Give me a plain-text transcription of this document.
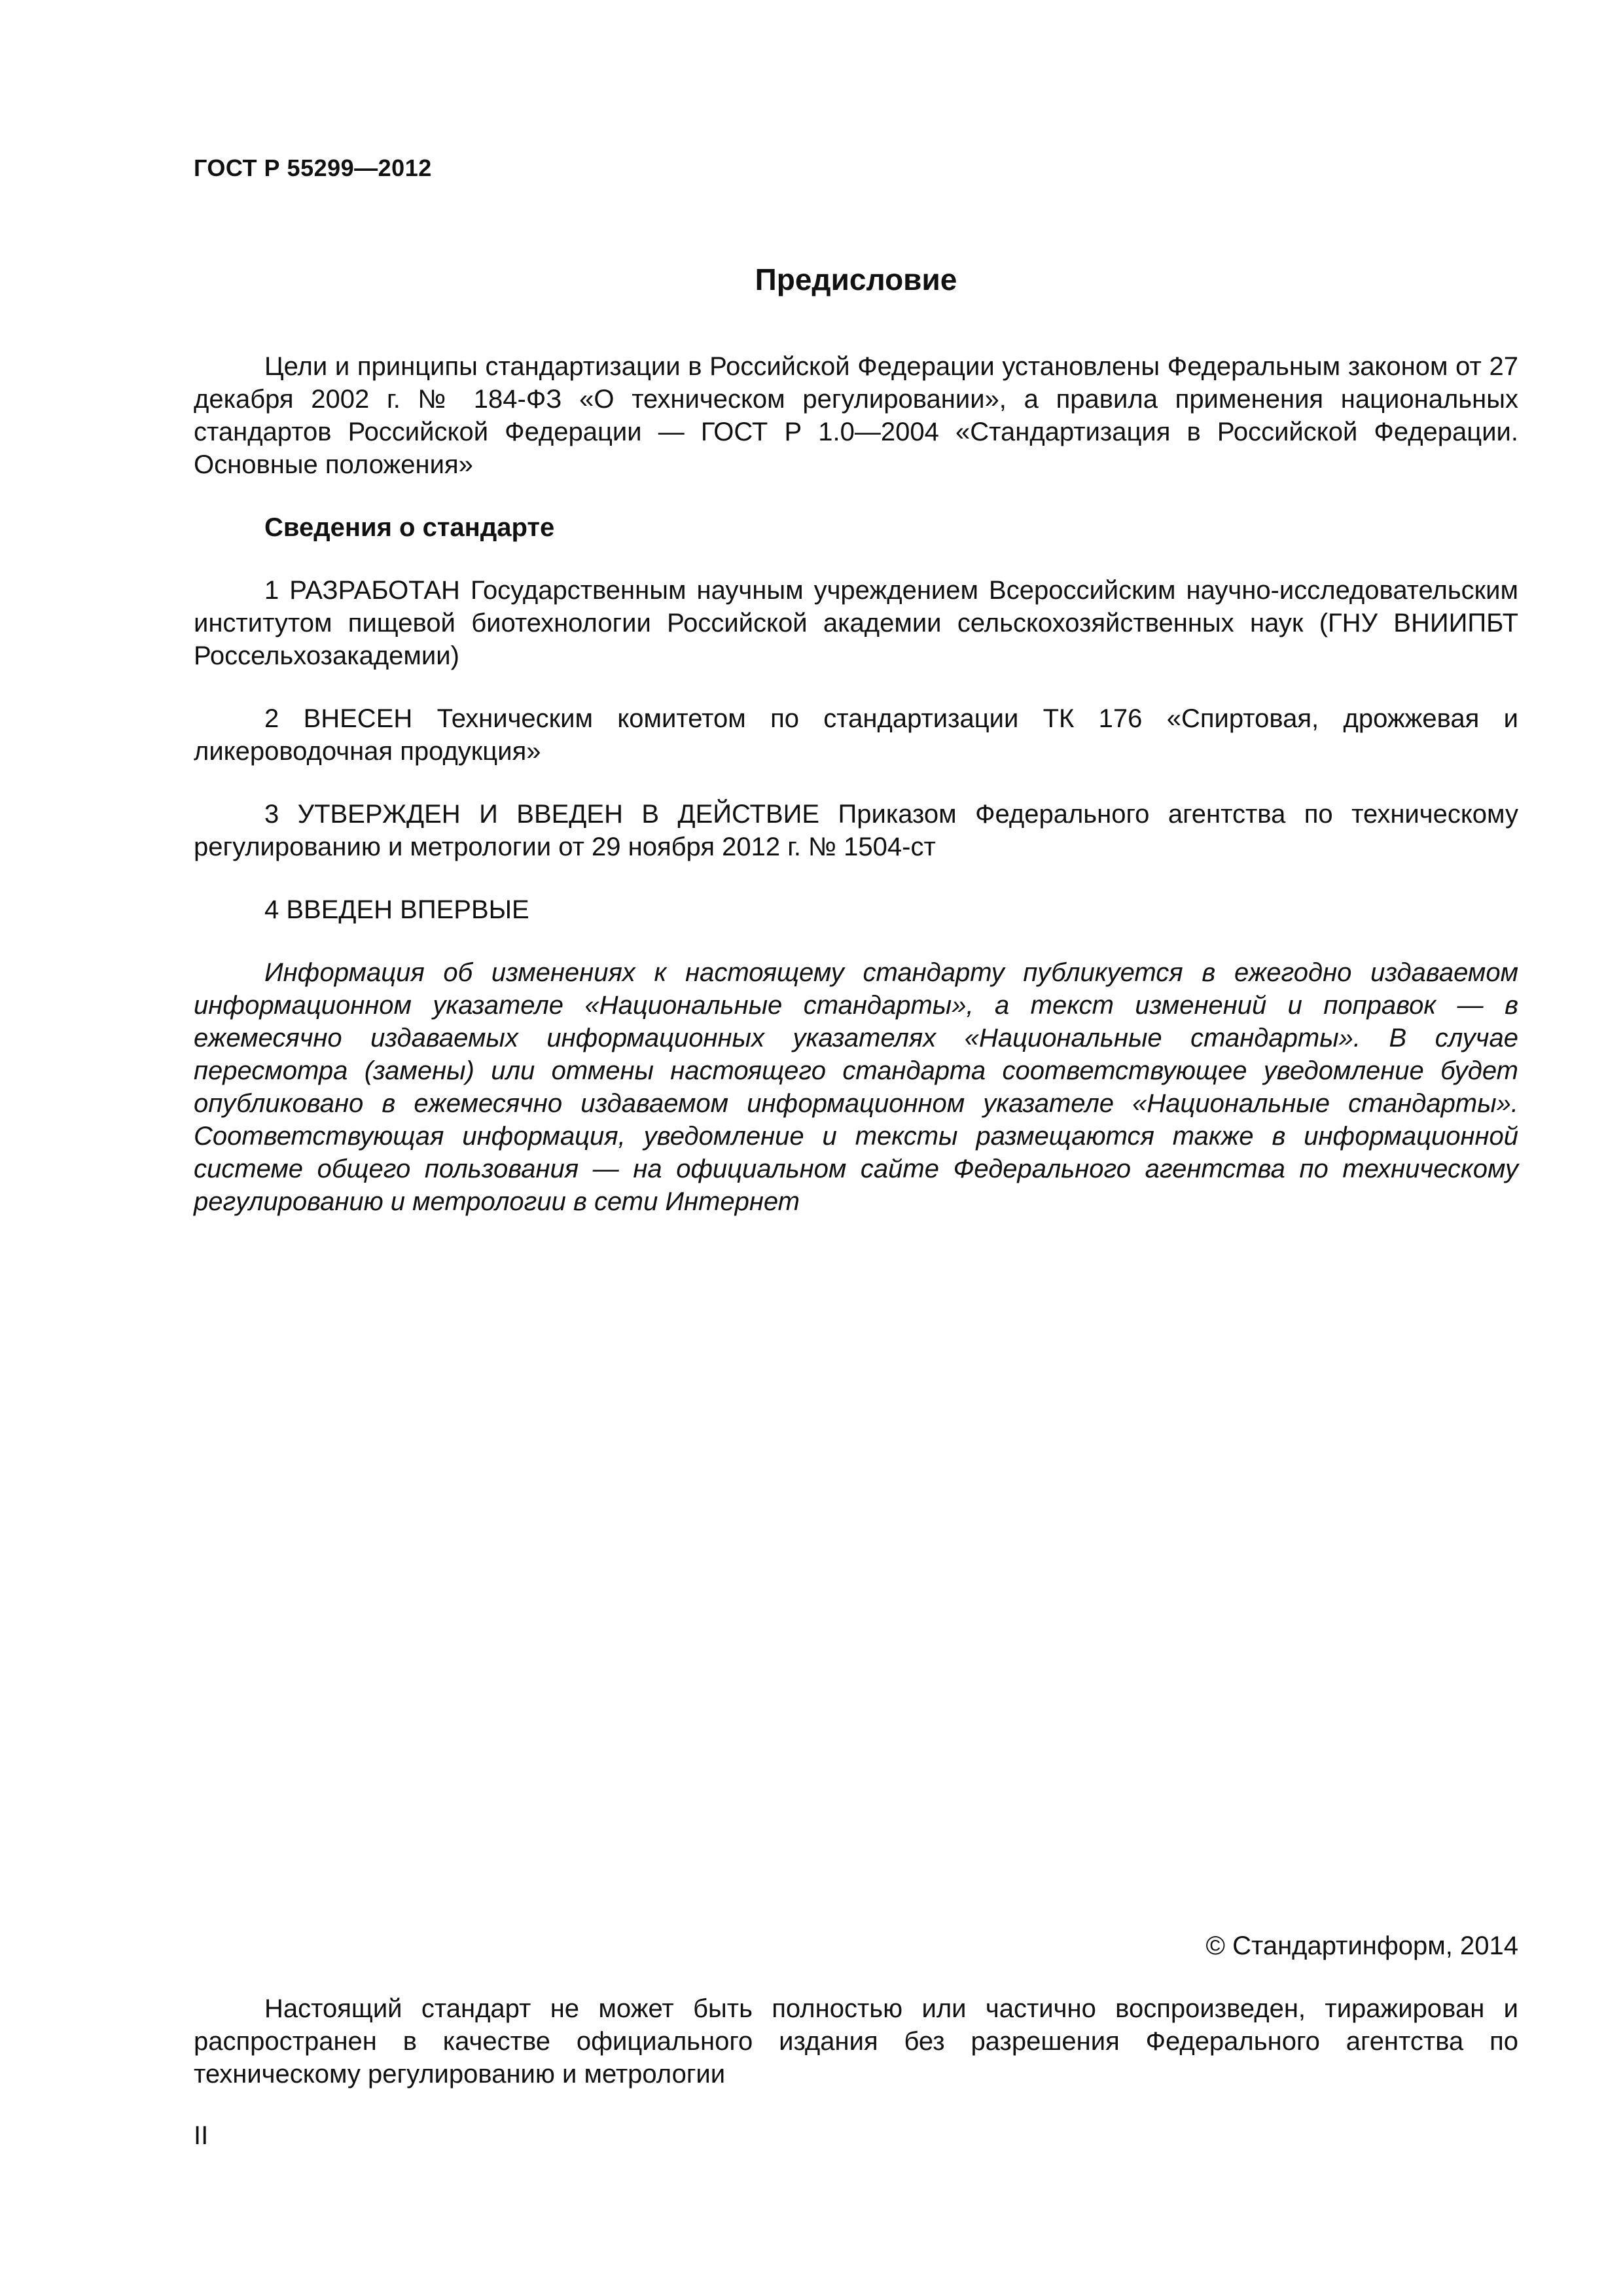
ГОСТ Р 55299—2012
Предисловие

Цели и принципы стандартизации в Российской Федерации установлены Федеральным законом от 27 декабря 2002 г. № 184-ФЗ «О техническом регулировании», а правила применения национальных стандартов Российской Федерации — ГОСТ Р 1.0—2004 «Стандартизация в Российской Федерации. Основные положения»

Сведения о стандарте

1 РАЗРАБОТАН Государственным научным учреждением Всероссийским научно-исследовательским институтом пищевой биотехнологии Российской академии сельскохозяйственных наук (ГНУ ВНИИПБТ Россельхозакадемии)

2 ВНЕСЕН Техническим комитетом по стандартизации ТК 176 «Спиртовая, дрожжевая и ликероводочная продукция»

3 УТВЕРЖДЕН И ВВЕДЕН В ДЕЙСТВИЕ Приказом Федерального агентства по техническому регулированию и метрологии от 29 ноября 2012 г. № 1504-ст

4 ВВЕДЕН ВПЕРВЫЕ

Информация об изменениях к настоящему стандарту публикуется в ежегодно издаваемом информационном указателе «Национальные стандарты», а текст изменений и поправок — в ежемесячно издаваемых информационных указателях «Национальные стандарты». В случае пересмотра (замены) или отмены настоящего стандарта соответствующее уведомление будет опубликовано в ежемесячно издаваемом информационном указателе «Национальные стандарты». Соответствующая информация, уведомление и тексты размещаются также в информационной системе общего пользования — на официальном сайте Федерального агентства по техническому регулированию и метрологии в сети Интернет

© Стандартинформ, 2014

Настоящий стандарт не может быть полностью или частично воспроизведен, тиражирован и распространен в качестве официального издания без разрешения Федерального агентства по техническому регулированию и метрологии

II
